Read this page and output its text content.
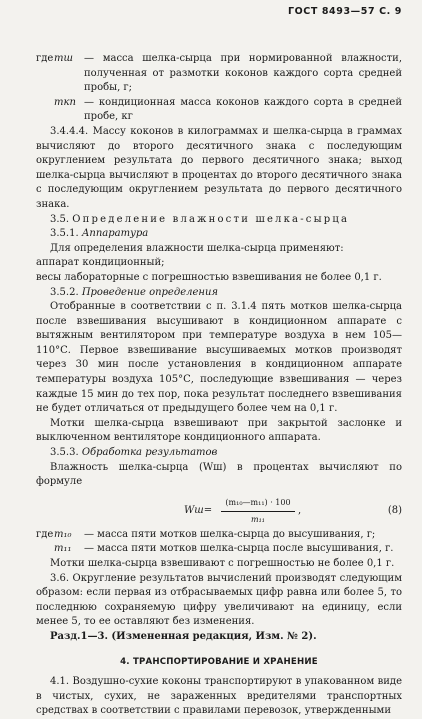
ГОСТ 8493—57 С. 9
где mш	— масса шелка-сырца при нормированной влажности, полученная от размотки коконов каждого сорта средней пробы, г;
mкп — кондиционная масса коконов каждого сорта в средней пробе, кг

3.4.4.4. Массу коконов в килограммах и шелка-сырца в граммах вычисляют до второго десятичного знака с последующим округлением результата до первого десятичного знака; выход шелка-сырца вычисляют в процентах до второго десятичного знака с последующим округлением результата до первого десятичного знака.

3.5. Определение влажности шелка-сырца

3.5.1. Аппаратура

Для определения влажности шелка-сырца применяют:

аппарат кондиционный;

весы лабораторные с погрешностью взвешивания не более 0,1 г.

3.5.2. Проведение определения

Отобранные в соответствии с п. 3.1.4 пять мотков шелка-сырца после взвешивания высушивают в кондиционном аппарате с вытяжным вентилятором при температуре воздуха в нем 105—110°С. Первое взвешивание высушиваемых мотков производят через 30 мин после установления в кондиционном аппарате температуры воздуха 105°С, последующие взвешивания — через каждые 15 мин до тех пор, пока результат последнего взвешивания не будет отличаться от предыдущего более чем на 0,1 г.

Мотки шелка-сырца взвешивают при закрытой заслонке и выключенном вентиляторе кондиционного аппарата.

3.5.3. Обработка результатов

Влажность шелка-сырца (Wш) в процентах вычисляют по формуле

$Wш= \frac{\text{(m₁₀—m₁₁) · 100}}{\text{m₁₁}}$ ,	(8)
где m₁₀	— масса пяти мотков шелка-сырца до высушивания, г;
m₁₁	— масса пяти мотков шелка-сырца после высушивания, г.

Мотки шелка-сырца взвешивают с погрешностью не более 0,1 г.

3.6. Округление результатов вычислений производят следующим образом: если первая из отбрасываемых цифр равна или более 5, то последнюю сохраняемую цифру увеличивают на единицу, если менее 5, то ее оставляют без изменения.

Разд.1—3. (Измененная редакция, Изм. № 2).

4. ТРАНСПОРТИРОВАНИЕ И ХРАНЕНИЕ

4.1. Воздушно-сухие коконы транспортируют в упакованном виде в чистых, сухих, не зараженных вредителями транспортных средствах в соответствии с правилами перевозок, утвержденными
